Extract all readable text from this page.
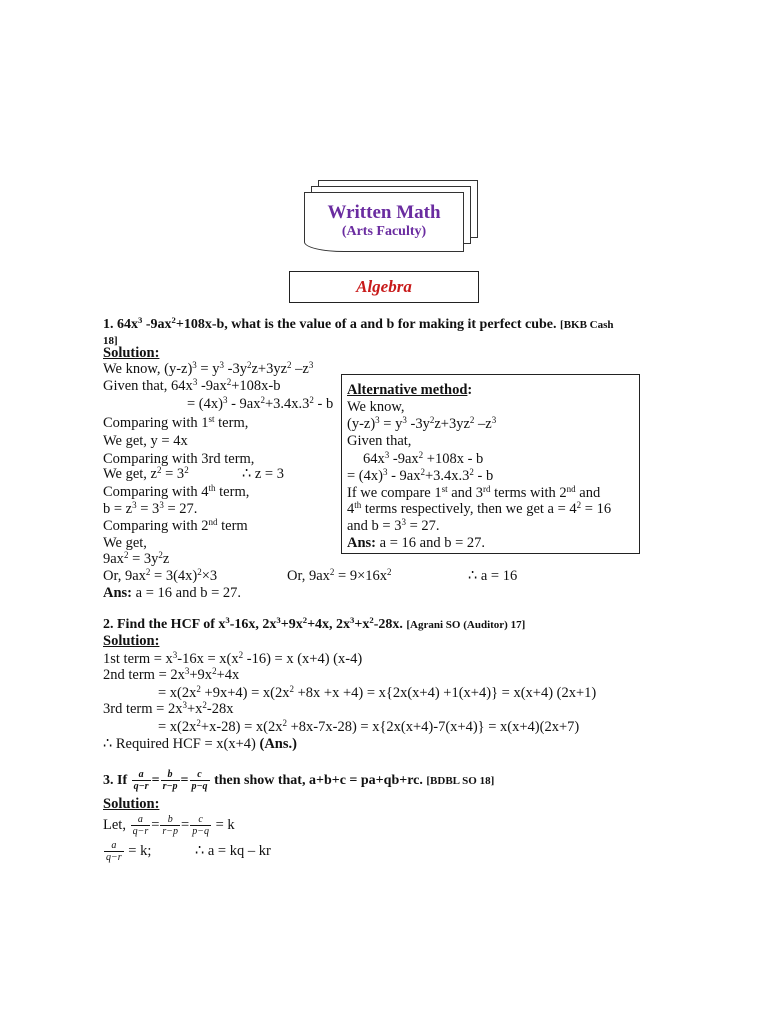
Written Math
(Arts Faculty)
Algebra
1. $64x^3$ $-9ax^2+108x-b$, what is the value of a and b for making it perfect cube. [BKB Cash
18]
Solution:
We know, $(y-z)^3 = y^3$ $-3y^2z+3yz^2$ $-z^3$
Given that, $64x^3$ $-9ax^2+108x-b$
= $(4x)^3 - 9ax^2+3.4x.3^2 - b$
Comparing with 1st term,
We get, y = 4x
Comparing with 3rd term,
We get, $z^2 = 3^2$	∴ z = 3
Comparing with 4th term,
$b = z^3 = 3^3 = 27$.
Comparing with 2nd term
We get,
$9ax^2 = 3y^2z$
Or, $9ax^2 = 3(4x)^2\times 3$	Or, $9ax^2 = 9\times 16x^2$	∴ a = 16
Ans: a = 16 and b = 27.
Alternative method:
We know,
$(y-z)^3 = y^3$ $-3y^2z+3yz^2$ $-z^3$
Given that,
$64x^3$ $-9ax^2 +108x - b$
= $(4x)^3 - 9ax^2+3.4x.3^2 - b$
If we compare 1st and 3rd terms with 2nd and
4th terms respectively, then we get $a = 4^2 = 16$
and $b = 3^3 = 27$.
Ans: a = 16 and b = 27.
2. Find the HCF of $x^3-16x$, $2x^3+9x^2+4x$, $2x^3+x^2-28x$. [Agrani SO (Auditor) 17]
Solution:
1st term = $x^3-16x = x(x^2$ -16) = x (x+4) (x-4)
2nd term = $2x^3+9x^2+4x$
= $x(2x^2 +9x+4) = x(2x^2 +8x +x +4) = x\{2x(x+4) +1(x+4)\} = x(x+4)$ (2x+1)
3rd term = $2x^3+x^2-28x$
= $x(2x^2+x-28) = x(2x^2 +8x-7x-28) = x\{2x(x+4)-7(x+4)\} = x(x+4)(2x+7)$
∴ Required HCF = x(x+4) (Ans.)
3. If $\frac{a}{q-r} = \frac{b}{r-p} = \frac{c}{p-q}$ then show that, a+b+c = pa+qb+rc. [BDBL SO 18]
Solution:
Let, $\frac{a}{q-r} = \frac{b}{r-p} = \frac{c}{p-q} = k$
$\frac{a}{q-r} = k$;	∴ a = kq – kr
